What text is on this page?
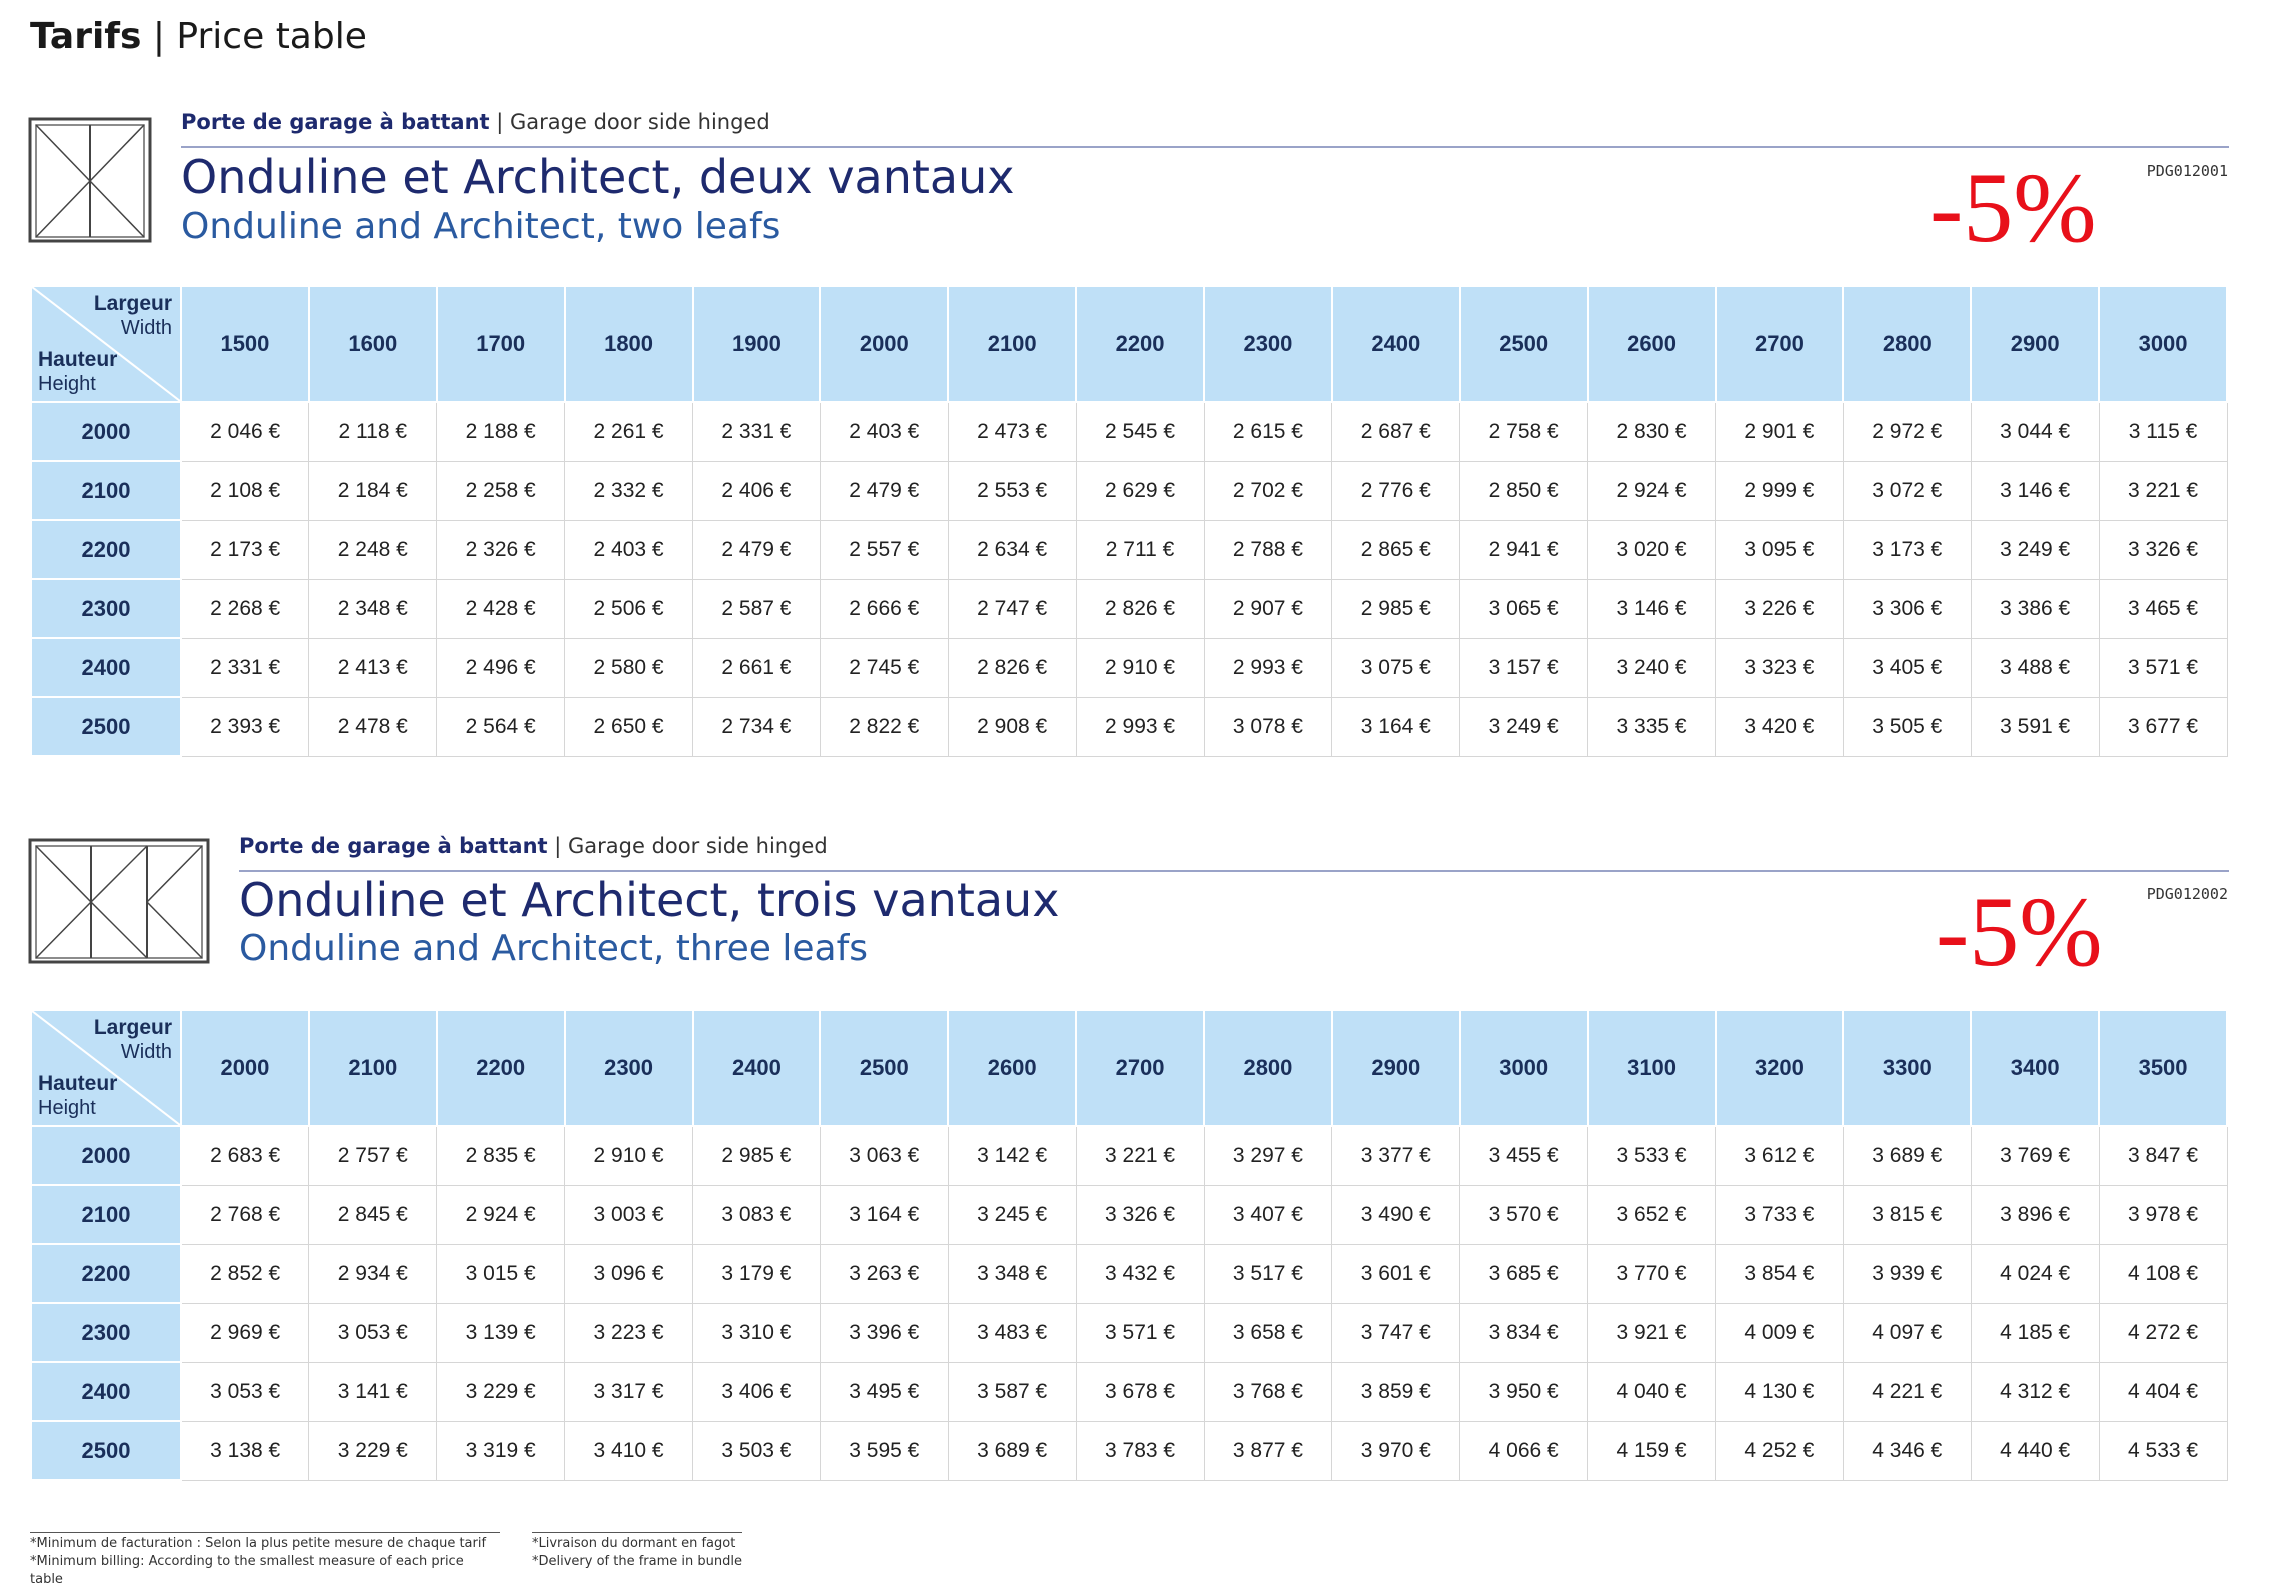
Tarifs | Price table
Porte de garage à battant | Garage door side hinged
Onduline et Architect, deux vantaux
Onduline and Architect, two leafs
PDG012001
-5%
Largeur
Width
Hauteur
Height	1500	1600	1700	1800	1900	2000	2100	2200	2300	2400	2500	2600	2700	2800	2900	3000
2000	2 046 €	2 118 €	2 188 €	2 261 €	2 331 €	2 403 €	2 473 €	2 545 €	2 615 €	2 687 €	2 758 €	2 830 €	2 901 €	2 972 €	3 044 €	3 115 €
2100	2 108 €	2 184 €	2 258 €	2 332 €	2 406 €	2 479 €	2 553 €	2 629 €	2 702 €	2 776 €	2 850 €	2 924 €	2 999 €	3 072 €	3 146 €	3 221 €
2200	2 173 €	2 248 €	2 326 €	2 403 €	2 479 €	2 557 €	2 634 €	2 711 €	2 788 €	2 865 €	2 941 €	3 020 €	3 095 €	3 173 €	3 249 €	3 326 €
2300	2 268 €	2 348 €	2 428 €	2 506 €	2 587 €	2 666 €	2 747 €	2 826 €	2 907 €	2 985 €	3 065 €	3 146 €	3 226 €	3 306 €	3 386 €	3 465 €
2400	2 331 €	2 413 €	2 496 €	2 580 €	2 661 €	2 745 €	2 826 €	2 910 €	2 993 €	3 075 €	3 157 €	3 240 €	3 323 €	3 405 €	3 488 €	3 571 €
2500	2 393 €	2 478 €	2 564 €	2 650 €	2 734 €	2 822 €	2 908 €	2 993 €	3 078 €	3 164 €	3 249 €	3 335 €	3 420 €	3 505 €	3 591 €	3 677 €
Porte de garage à battant | Garage door side hinged
Onduline et Architect, trois vantaux
Onduline and Architect, three leafs
PDG012002
-5%
Largeur
Width
Hauteur
Height	2000	2100	2200	2300	2400	2500	2600	2700	2800	2900	3000	3100	3200	3300	3400	3500
2000	2 683 €	2 757 €	2 835 €	2 910 €	2 985 €	3 063 €	3 142 €	3 221 €	3 297 €	3 377 €	3 455 €	3 533 €	3 612 €	3 689 €	3 769 €	3 847 €
2100	2 768 €	2 845 €	2 924 €	3 003 €	3 083 €	3 164 €	3 245 €	3 326 €	3 407 €	3 490 €	3 570 €	3 652 €	3 733 €	3 815 €	3 896 €	3 978 €
2200	2 852 €	2 934 €	3 015 €	3 096 €	3 179 €	3 263 €	3 348 €	3 432 €	3 517 €	3 601 €	3 685 €	3 770 €	3 854 €	3 939 €	4 024 €	4 108 €
2300	2 969 €	3 053 €	3 139 €	3 223 €	3 310 €	3 396 €	3 483 €	3 571 €	3 658 €	3 747 €	3 834 €	3 921 €	4 009 €	4 097 €	4 185 €	4 272 €
2400	3 053 €	3 141 €	3 229 €	3 317 €	3 406 €	3 495 €	3 587 €	3 678 €	3 768 €	3 859 €	3 950 €	4 040 €	4 130 €	4 221 €	4 312 €	4 404 €
2500	3 138 €	3 229 €	3 319 €	3 410 €	3 503 €	3 595 €	3 689 €	3 783 €	3 877 €	3 970 €	4 066 €	4 159 €	4 252 €	4 346 €	4 440 €	4 533 €
*Minimum de facturation : Selon la plus petite mesure de chaque tarif
*Minimum billing: According to the smallest measure of each price table
*Livraison du dormant en fagot
*Delivery of the frame in bundle
